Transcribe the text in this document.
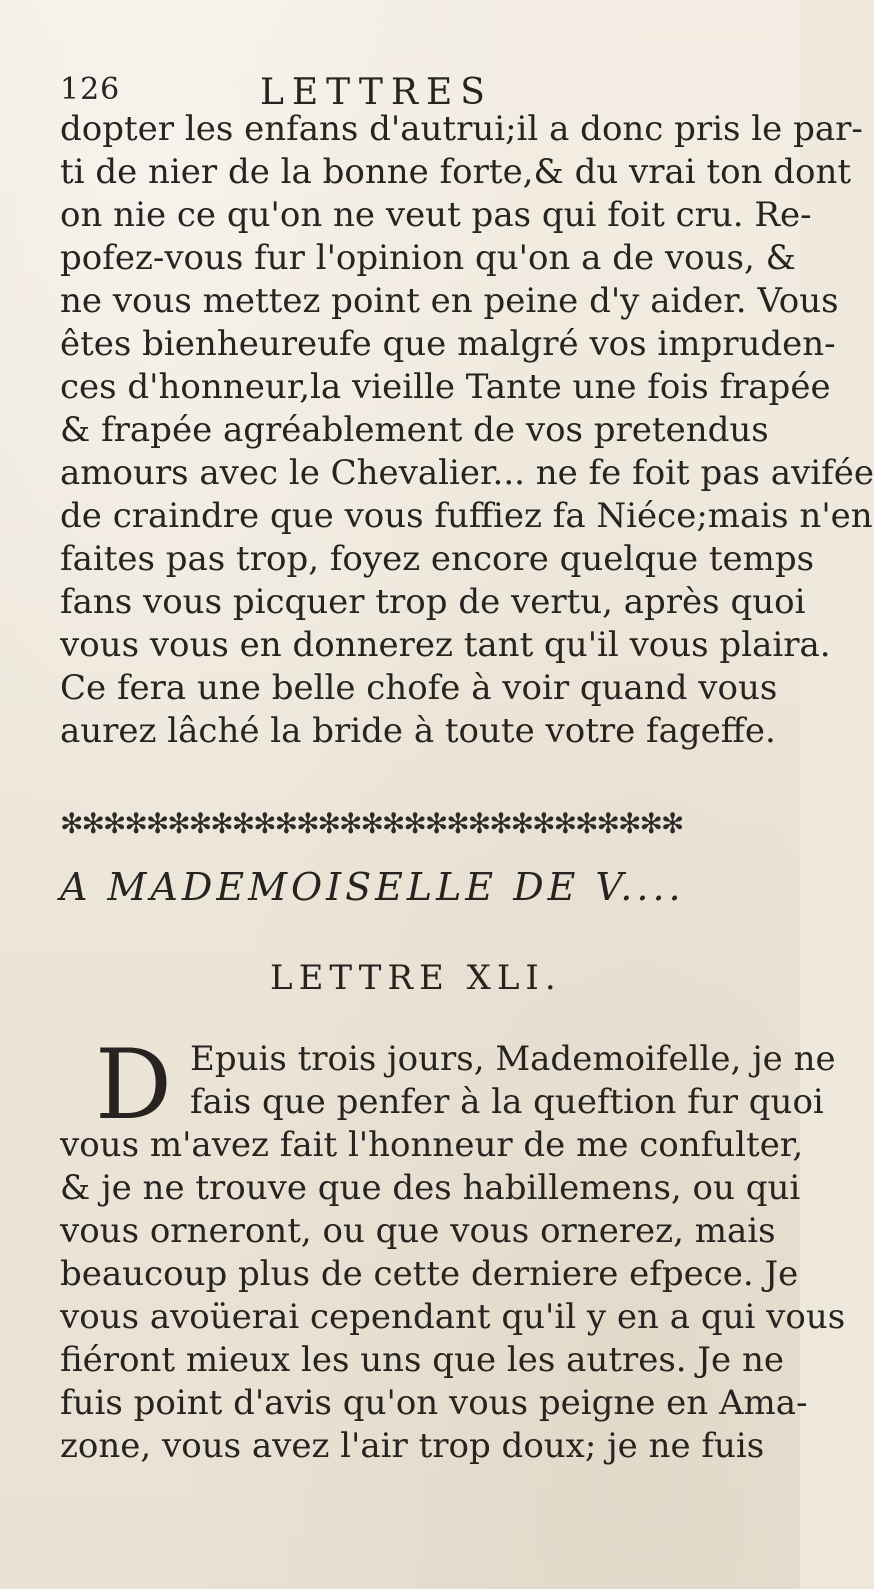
126	LETTRES
dopter les enfans d'autrui;il a donc pris le par-
ti de nier de la bonne forte,& du vrai ton dont
on nie ce qu'on ne veut pas qui foit cru. Re-
pofez-vous fur l'opinion qu'on a de vous, &
ne vous mettez point en peine d'y aider. Vous
êtes bienheureufe que malgré vos impruden-
ces d'honneur,la vieille Tante une fois frapée
& frapée agréablement de vos pretendus
amours avec le Chevalier... ne fe foit pas avifée
de craindre que vous fuffiez fa Niéce;mais n'en
faites pas trop, foyez encore quelque temps
fans vous picquer trop de vertu, après quoi
vous vous en donnerez tant qu'il vous plaira.
Ce fera une belle chofe à voir quand vous
aurez lâché la bride à toute votre fageffe.
✻✻✻✻✻✻✻✻✻✻✻✻✻✻✻✻✻✻✻✻✻✻✻✻✻✻✻✻✻
A MADEMOISELLE DE V....
LETTRE XLI.
D Epuis trois jours, Mademoifelle, je ne
fais que penfer à la queftion fur quoi
vous m'avez fait l'honneur de me confulter,
& je ne trouve que des habillemens, ou qui
vous orneront, ou que vous ornerez, mais
beaucoup plus de cette derniere efpece. Je
vous avoüerai cependant qu'il y en a qui vous
fiéront mieux les uns que les autres. Je ne
fuis point d'avis qu'on vous peigne en Ama-
zone, vous avez l'air trop doux; je ne fuis
